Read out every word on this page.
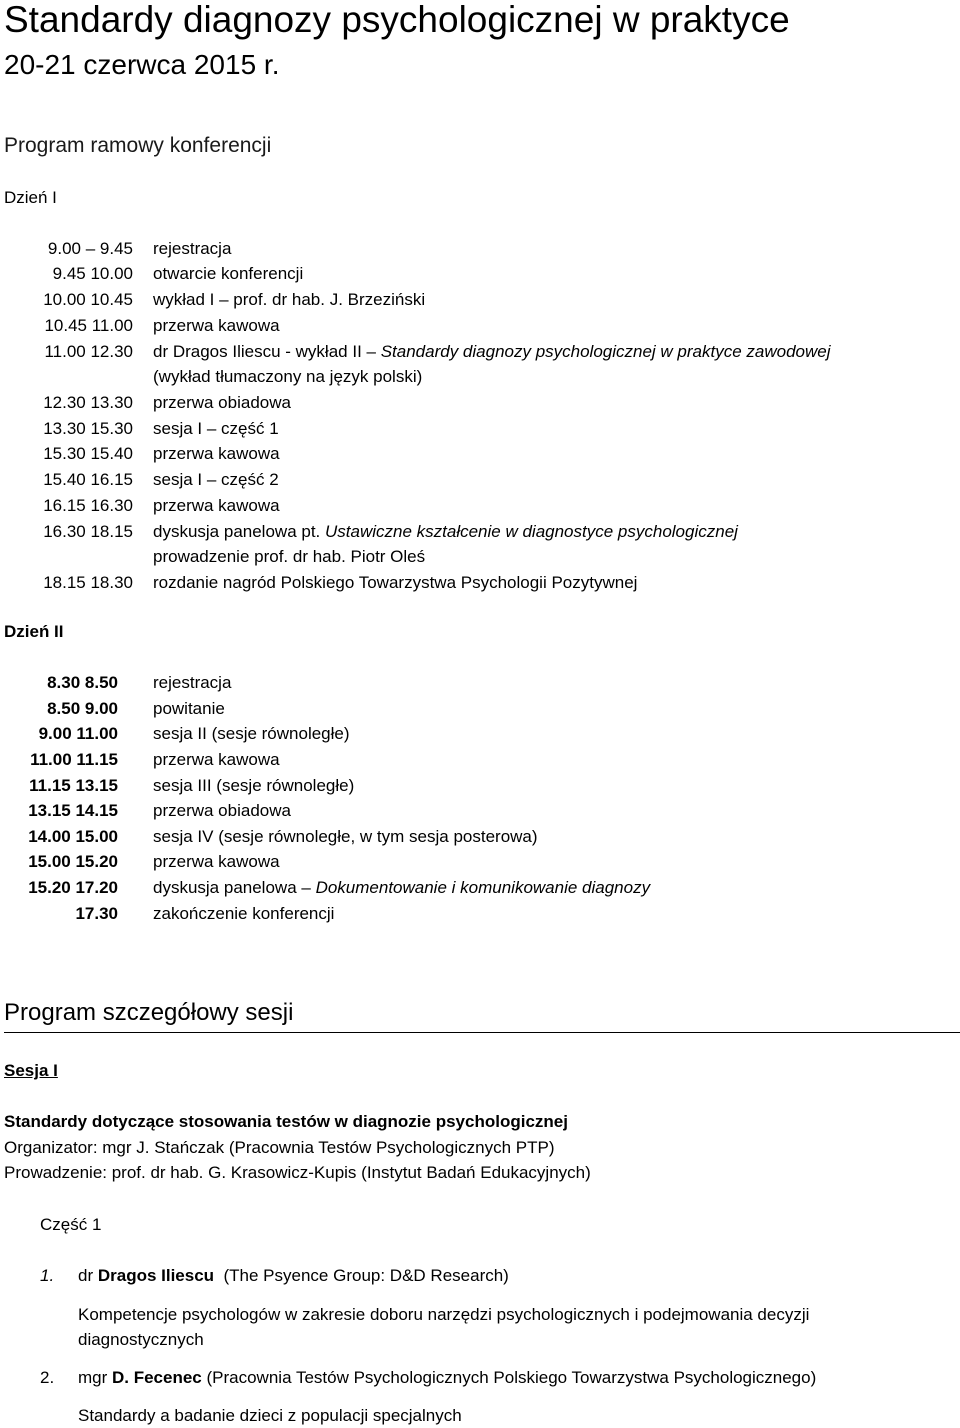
Standardy diagnozy psychologicznej w praktyce
20-21 czerwca 2015 r.
Program ramowy konferencji
Dzień I
9.00 – 9.45 rejestracja
9.45 10.00 otwarcie konferencji
10.00 10.45 wykład I – prof. dr hab. J. Brzeziński
10.45 11.00 przerwa kawowa
11.00 12.30 dr Dragos Iliescu - wykład II – Standardy diagnozy psychologicznej w praktyce zawodowej
(wykład tłumaczony na język polski)
12.30 13.30 przerwa obiadowa
13.30 15.30 sesja I – część 1
15.30 15.40 przerwa kawowa
15.40 16.15 sesja I – część 2
16.15 16.30 przerwa kawowa
16.30 18.15 dyskusja panelowa pt. Ustawiczne kształcenie w diagnostyce psychologicznej
prowadzenie prof. dr hab. Piotr Oleś
18.15 18.30 rozdanie nagród Polskiego Towarzystwa Psychologii Pozytywnej
Dzień II
8.30 8.50 rejestracja
8.50 9.00 powitanie
9.00 11.00 sesja II (sesje równoległe)
11.00 11.15 przerwa kawowa
11.15 13.15 sesja III (sesje równoległe)
13.15 14.15 przerwa obiadowa
14.00 15.00 sesja IV (sesje równoległe, w tym sesja posterowa)
15.00 15.20 przerwa kawowa
15.20 17.20 dyskusja panelowa – Dokumentowanie i komunikowanie diagnozy
17.30 zakończenie konferencji
Program szczegółowy sesji
Sesja I
Standardy dotyczące stosowania testów w diagnozie psychologicznej
Organizator: mgr J. Stańczak (Pracownia Testów Psychologicznych PTP)
Prowadzenie: prof. dr hab. G. Krasowicz-Kupis (Instytut Badań Edukacyjnych)
Część 1
1. dr Dragos Iliescu  (The Psyence Group: D&D Research)
Kompetencje psychologów w zakresie doboru narzędzi psychologicznych i podejmowania decyzji
diagnostycznych
2. mgr D. Fecenec (Pracownia Testów Psychologicznych Polskiego Towarzystwa Psychologicznego)
Standardy a badanie dzieci z populacji specjalnych
